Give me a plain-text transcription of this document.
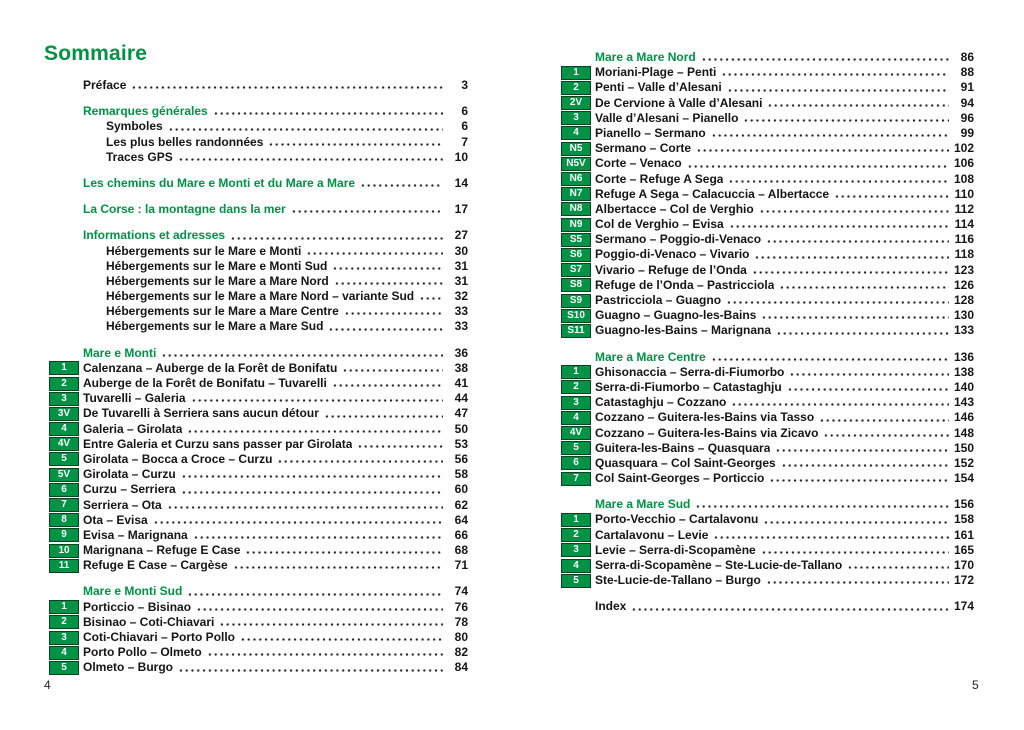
Sommaire
Préface	3
Remarques générales	6
Symboles	6
Les plus belles randonnées	7
Traces GPS	10
Les chemins du Mare e Monti et du Mare a Mare	14
La Corse : la montagne dans la mer	17
Informations et adresses	27
Hébergements sur le Mare e Monti	30
Hébergements sur le Mare e Monti Sud	31
Hébergements sur le Mare a Mare Nord	31
Hébergements sur le Mare a Mare Nord – variante Sud	32
Hébergements sur le Mare a Mare Centre	33
Hébergements sur le Mare a Mare Sud	33
Mare e Monti	36
1	Calenzana – Auberge de la Forêt de Bonifatu	38
2	Auberge de la Forêt de Bonifatu – Tuvarelli	41
3	Tuvarelli – Galeria	44
3V	De Tuvarelli à Serriera sans aucun détour	47
4	Galeria – Girolata	50
4V	Entre Galeria et Curzu sans passer par Girolata	53
5	Girolata – Bocca a Croce – Curzu	56
5V	Girolata – Curzu	58
6	Curzu – Serriera	60
7	Serriera – Ota	62
8	Ota – Evisa	64
9	Evisa – Marignana	66
10	Marignana – Refuge E Case	68
11	Refuge E Case – Cargèse	71
Mare e Monti Sud	74
1	Porticcio – Bisinao	76
2	Bisinao – Coti-Chiavari	78
3	Coti-Chiavari – Porto Pollo	80
4	Porto Pollo – Olmeto	82
5	Olmeto – Burgo	84
Mare a Mare Nord	86
1	Moriani-Plage – Penti	88
2	Penti – Valle d’Alesani	91
2V	De Cervione à Valle d’Alesani	94
3	Valle d’Alesani – Pianello	96
4	Pianello – Sermano	99
N5	Sermano – Corte	102
N5V Corte – Venaco	106
N6	Corte – Refuge A Sega	108
N7	Refuge A Sega – Calacuccia – Albertacce	110
N8	Albertacce – Col de Verghio	112
N9	Col de Verghio – Evisa	114
S5	Sermano – Poggio-di-Venaco	116
S6	Poggio-di-Venaco – Vivario	118
S7	Vivario – Refuge de l’Onda	123
S8	Refuge de l’Onda – Pastricciola	126
S9	Pastricciola – Guagno	128
S10 Guagno – Guagno-les-Bains	130
S11 Guagno-les-Bains – Marignana	133
Mare a Mare Centre	136
1	Ghisonaccia – Serra-di-Fiumorbo	138
2	Serra-di-Fiumorbo – Catastaghju	140
3	Catastaghju – Cozzano	143
4	Cozzano – Guitera-les-Bains via Tasso	146
4V	Cozzano – Guitera-les-Bains via Zicavo	148
5	Guitera-les-Bains – Quasquara	150
6	Quasquara – Col Saint-Georges	152
7	Col Saint-Georges – Porticcio	154
Mare a Mare Sud	156
1	Porto-Vecchio – Cartalavonu	158
2	Cartalavonu – Levie	161
3	Levie – Serra-di-Scopamène	165
4	Serra-di-Scopamène – Ste-Lucie-de-Tallano	170
5	Ste-Lucie-de-Tallano – Burgo	172
Index	174
4	5
